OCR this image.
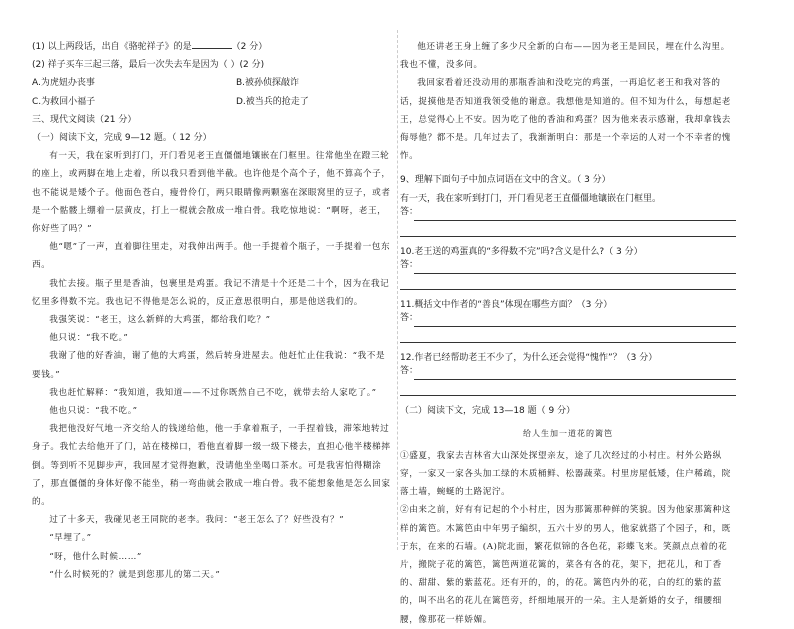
(1) 以上两段话，出自《骆驼祥子》的是	（2 分）

(2) 祥子买车三起三落，最后一次失去车是因为（ ）(2 分)

A.为虎妞办丧事	B.被孙侦探敲诈
C.为救回小福子	D.被当兵的抢走了

三、现代文阅读（21 分）

（一）阅读下文，完成 9—12 题。（ 12 分）

有一天，我在家听到打门，开门看见老王直僵僵地镶嵌在门框里。往常他坐在蹬三轮的座上，或两脚在地上走着，所以我只看到他半截。也许他是个高个子，他不算高个子，也不能说是矮个子。他面色苍白，瘦骨伶仃，两只眼睛像两颗塞在深眼窝里的豆子，或者是一个骷髅上绷着一层黄皮，打上一棍就会散成一堆白骨。我吃惊地说：“啊呀，老王，你好些了吗？”

他“嗯”了一声，直着脚往里走，对我伸出两手。他一手提着个瓶子，一手提着一包东西。

我忙去接。瓶子里是香油，包裹里是鸡蛋。我记不清是十个还是二十个，因为在我记忆里多得数不完。我也记不得他是怎么说的，反正意思很明白，那是他送我们的。

我强笑说：“老王，这么新鲜的大鸡蛋，都给我们吃？”

他只说：“我不吃。”

我谢了他的好香油，谢了他的大鸡蛋，然后转身进屋去。他赶忙止住我说：“我不是要钱。”

我也赶忙解释：“我知道，我知道——不过你既然自己不吃，就带去给人家吃了。”

他也只说：“我不吃。”

我把他没好气地一齐交给人的钱递给他，他一手拿着瓶子，一手捏着钱，滞笨地转过身子。我忙去给他开了门，站在楼梯口，看他直着脚一级一级下楼去，直担心他半楼梯摔倒。等到听不见脚步声，我回屋才觉得抱歉，没请他坐坐喝口茶水。可是我害怕得糊涂了，那直僵僵的身体好像不能坐，稍一弯曲就会散成一堆白骨。我不能想象他是怎么回家的。

过了十多天，我碰见老王同院的老李。我问：“老王怎么了？好些没有？”

“早埋了。”

“呀，他什么时候……”

“什么时候死的？就是到您那儿的第二天。”

他还讲老王身上缠了多少尺全新的白布——因为老王是回民，埋在什么沟里。我也不懂，没多问。

我回家看着还没动用的那瓶香油和没吃完的鸡蛋，一再追忆老王和我对答的话，捉摸他是否知道我领受他的谢意。我想他是知道的。但不知为什么，每想起老王，总觉得心上不安。因为吃了他的香油和鸡蛋？因为他来表示感谢，我却拿钱去侮辱他？都不是。几年过去了，我渐渐明白：那是一个幸运的人对一个不幸者的愧怍。

9、理解下面句子中加点词语在文中的含义。（ 3 分）

有一天，我在家听到打门，开门看见老王直僵僵地镶嵌在门框里。

答：

10.老王送的鸡蛋真的“多得数不完”吗?含义是什么?（ 3 分）

答：

11.概括文中作者的“善良”体现在哪些方面？（3 分）

答：

12.作者已经帮助老王不少了，为什么还会觉得“愧怍”？（3 分）

答：

（二）阅读下文，完成 13—18 题（ 9 分）

给人生加一道花的篱笆

①盛夏，我家去吉林省大山深处探望亲友，途了几次经过的小村庄。村外公路纵穿，一家又一家各头加工绿的木质桶鲜、松器蔬菜。村里房屋低矮，住户稀疏，院落土墙，蜿蜒的土路泥泞。

②由来之前，好有有记起的个小村庄，因为那篱那种鲜的笑貌。因为他家那篱种这样的篱笆。木篱笆由中年男子编织，五六十岁的男人，他家就搭了个园子，和，既于东，在来的石墙。(A)院北面，繁花似锦的各色花，彩蝶飞来。笑颜点点着的花片，搬院子花的篱笆，篱笆两道花篱的，菜各有各的花，架下，把花儿，和丁香的、甜甜、紫的紫蓝花。还有开的，的，的花。篱笆内外的花，白的红的紫的蓝的，叫不出名的花儿在篱笆旁，纤细地展开的一朵。主人是新婚的女子，细腰细腰，像那花一样娇媚。
